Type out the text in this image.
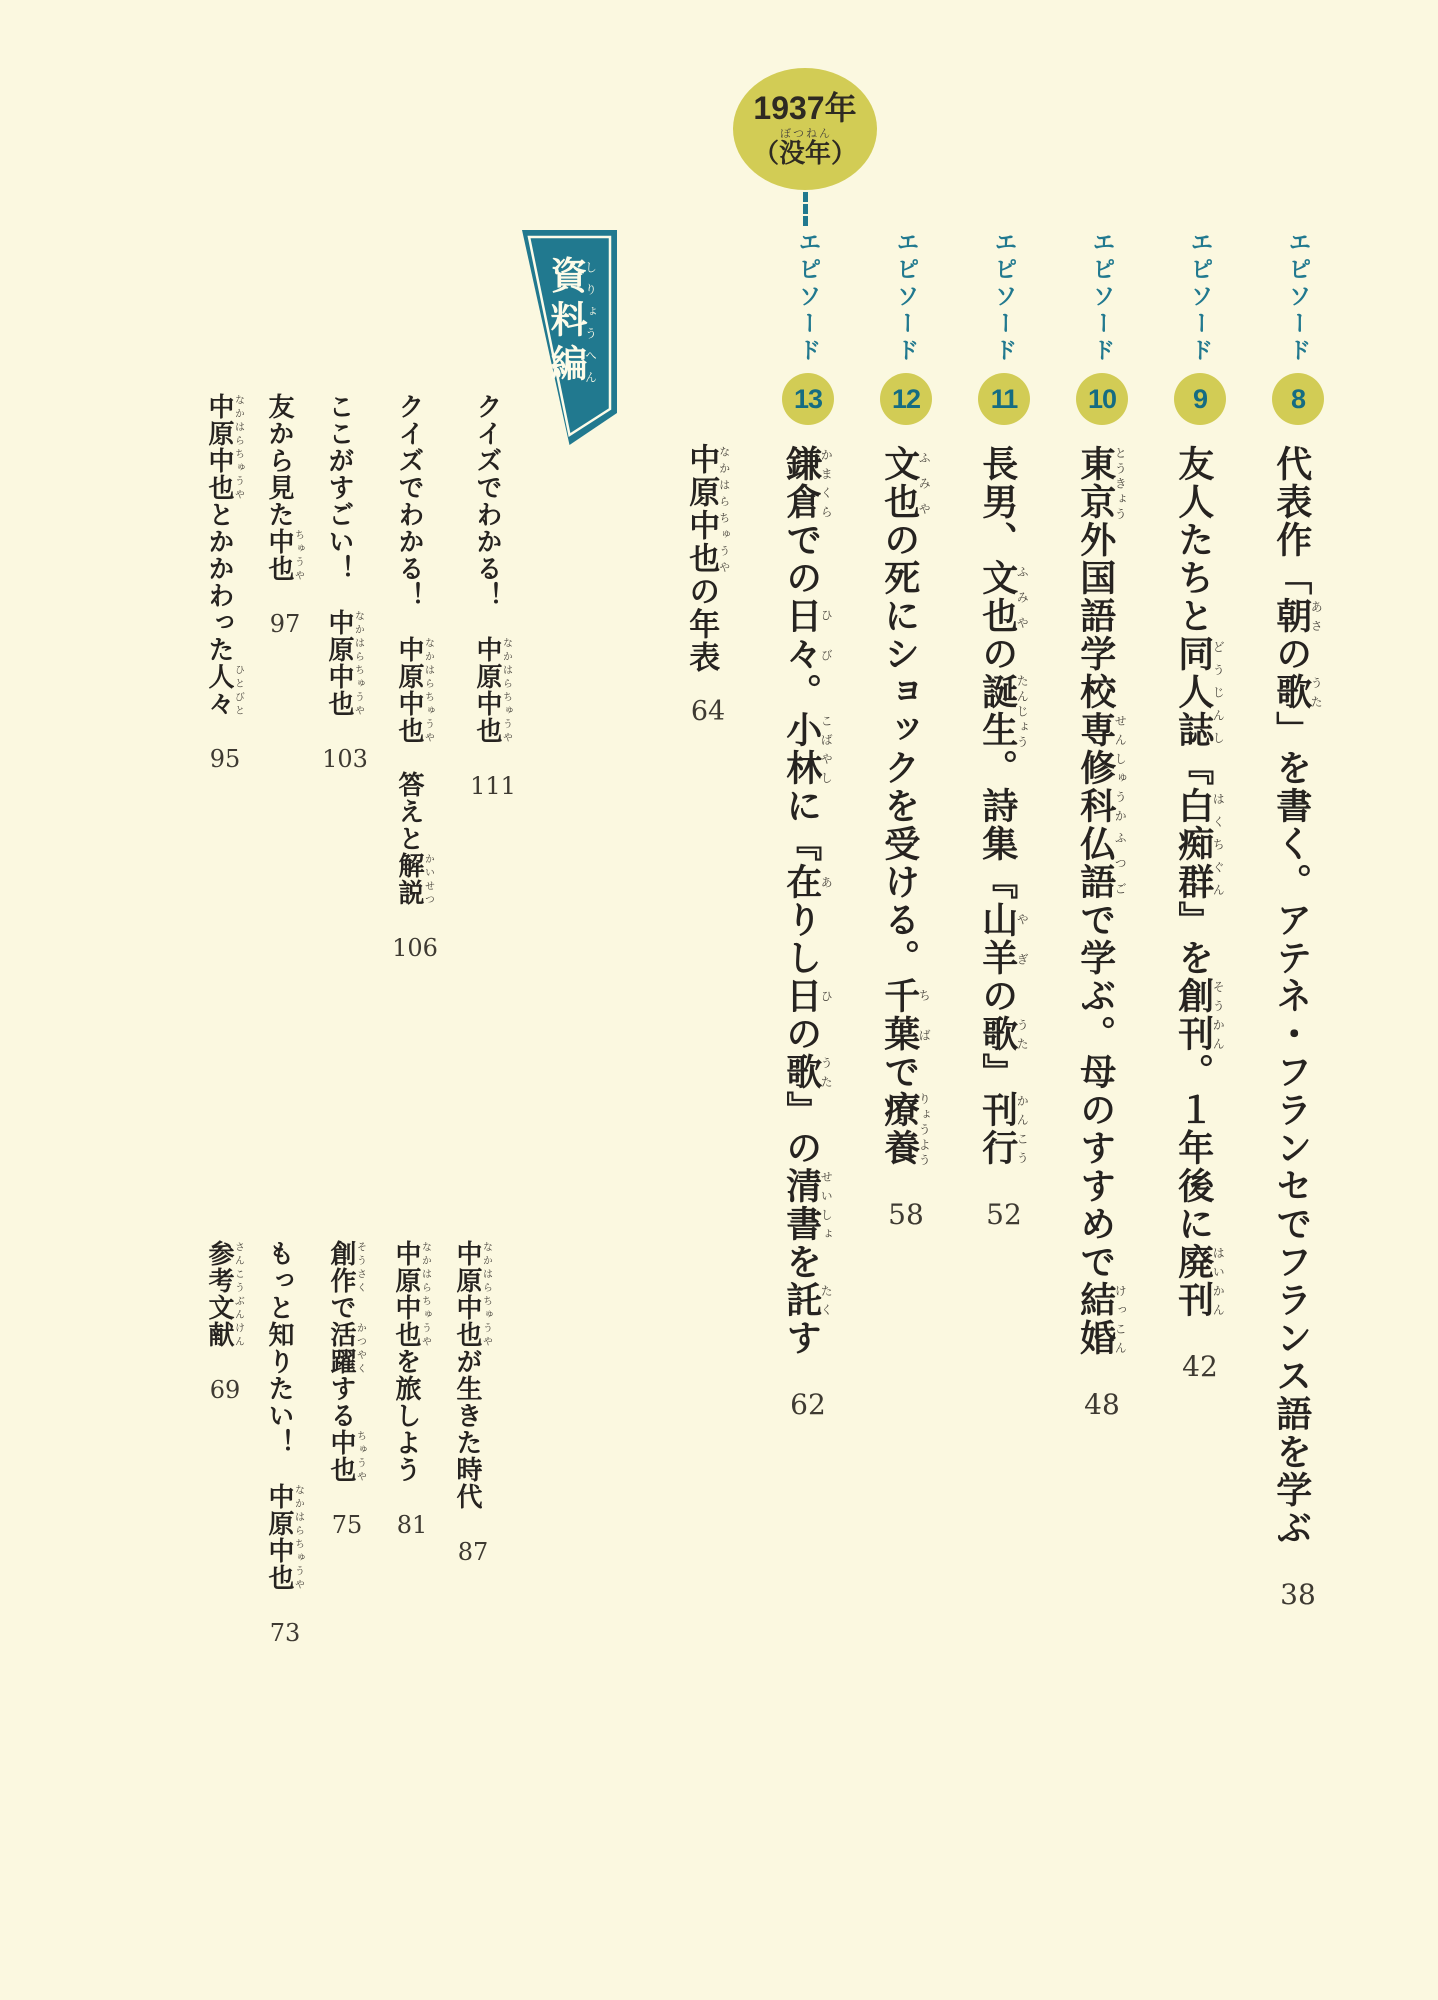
1937年
（没年ぼつねん）
資料編しりょうへん	エピソード
8
代表作「朝あさの歌うた」を書く。アテネ・フランセでフランス語を学ぶ
38
エピソード
9
友人たちと同人誌どうじんし『白痴群はくちぐん』を創刊そうかん。１年後に廃刊はいかん
42
エピソード
10
東京とうきょう外国語学校専修科せんしゅうか仏語ふつごで学ぶ。母のすすめで結婚けっこん
48
エピソード
11
長男、文也ふみやの誕生たんじょう。詩集『山羊やぎの歌うた』刊行かんこう
52
エピソード
12
文也ふみやの死にショックを受ける。千葉ちばで療養りょうよう
58
エピソード
13
鎌倉かまくらでの日々ひび。小林こばやしに『在ありし日ひの歌うた』の清書せいしょを託たくす
62
中原なかはら中也ちゅうやの年表
64
クイズでわかる！　中原なかはら中也ちゅうや
111
クイズでわかる！　中原なかはら中也ちゅうや　答えと解説かいせつ
106
ここがすごい！　中原なかはら中也ちゅうや
103
友から見た中也ちゅうや
97
中原なかはら中也ちゅうやとかかわった人々ひとびと
95
中原なかはら中也ちゅうやが生きた時代
87
中原なかはら中也ちゅうやを旅しよう
81
創作そうさくで活躍かつやくする中也ちゅうや
75
もっと知りたい！　中原なかはら中也ちゅうや
73
参考文献さんこうぶんけん
69
